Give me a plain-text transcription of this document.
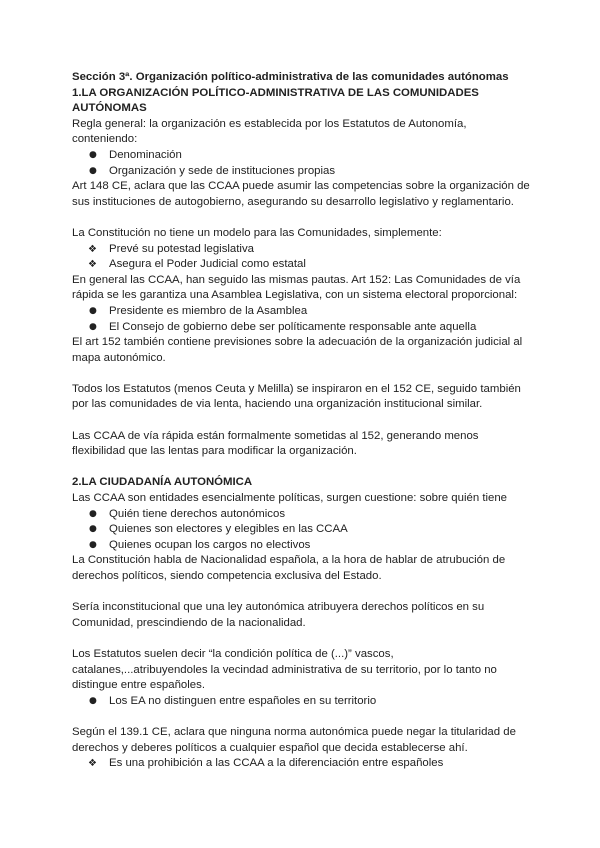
Sección 3ª. Organización político-administrativa de las comunidades autónomas

1.LA ORGANIZACIÓN POLÍTICO-ADMINISTRATIVA DE LAS COMUNIDADES AUTÓNOMAS

Regla general: la organización es establecida por los Estatutos de Autonomía, conteniendo:

●	Denominación
●	Organización y sede de instituciones propias

Art 148 CE, aclara que las CCAA puede asumir las competencias sobre la organización de sus instituciones de autogobierno, asegurando su desarrollo legislativo y reglamentario.

La Constitución no tiene un modelo para las Comunidades, simplemente:

❖	Prevé su potestad legislativa
❖	Asegura el Poder Judicial como estatal

En general las CCAA, han seguido las mismas pautas. Art 152: Las Comunidades de vía rápida se les garantiza una Asamblea Legislativa, con un sistema electoral proporcional:

●	Presidente es miembro de la Asamblea
●	El Consejo de gobierno debe ser políticamente responsable ante aquella

El art 152 también contiene previsiones sobre la adecuación de la organización judicial al mapa autonómico.

Todos los Estatutos (menos Ceuta y Melilla) se inspiraron en el 152 CE, seguido también por las comunidades de via lenta, haciendo una organización institucional similar.

Las CCAA de vía rápida están formalmente sometidas al 152, generando menos flexibilidad que las lentas para modificar la organización.

2.LA CIUDADANÍA AUTONÓMICA

Las CCAA son entidades esencialmente políticas, surgen cuestione: sobre quién tiene

●	Quién tiene derechos autonómicos
●	Quienes son electores y elegibles en las CCAA
●	Quienes ocupan los cargos no electivos

La Constitución habla de Nacionalidad española, a la hora de hablar de atrubución de derechos políticos, siendo competencia exclusiva del Estado.

Sería inconstitucional que una ley autonómica atribuyera derechos políticos en su Comunidad, prescindiendo de la nacionalidad.

Los Estatutos suelen decir “la condición política de (...)” vascos, catalanes,...atribuyendoles la vecindad administrativa de su territorio, por lo tanto no distingue entre españoles.

●	Los EA no distinguen entre españoles en su territorio

Según el 139.1 CE, aclara que ninguna norma autonómica puede negar la titularidad de derechos y deberes políticos a cualquier español que decida establecerse ahí.

❖	Es una prohibición a las CCAA a la diferenciación entre españoles
